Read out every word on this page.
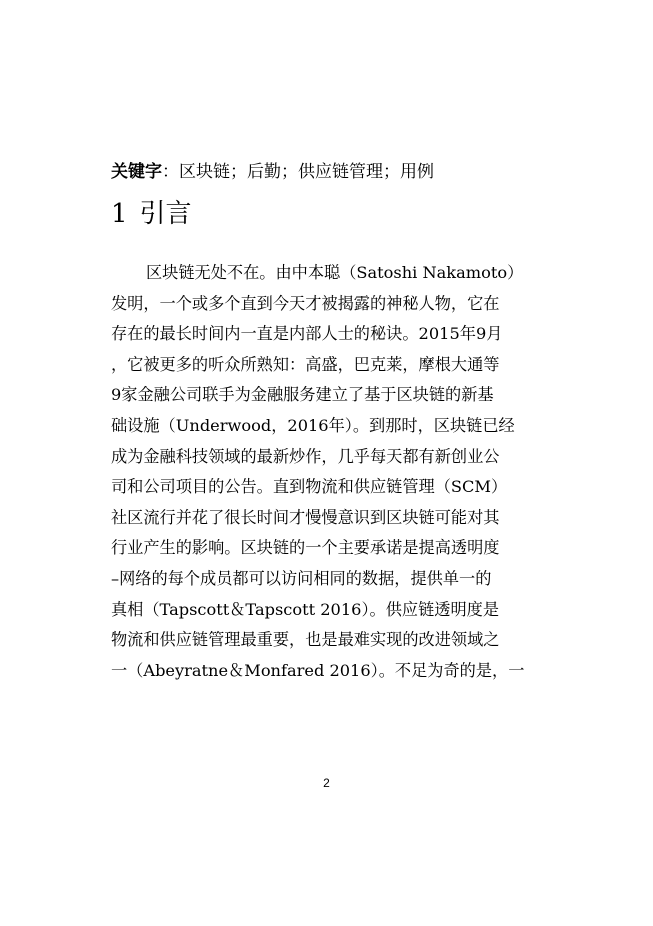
关键字：区块链；后勤；供应链管理；用例
1 引言
区块链无处不在。由中本聪（Satoshi Nakamoto）
发明，一个或多个直到今天才被揭露的神秘人物，它在
存在的最长时间内一直是内部人士的秘诀。2015年9月
，它被更多的听众所熟知：高盛，巴克莱，摩根大通等
9家金融公司联手为金融服务建立了基于区块链的新基
础设施（Underwood，2016年）。到那时，区块链已经
成为金融科技领域的最新炒作，几乎每天都有新创业公
司和公司项目的公告。直到物流和供应链管理（SCM）
社区流行并花了很长时间才慢慢意识到区块链可能对其
行业产生的影响。区块链的一个主要承诺是提高透明度
–网络的每个成员都可以访问相同的数据，提供单一的
真相（Tapscott＆Tapscott 2016）。供应链透明度是
物流和供应链管理最重要，也是最难实现的改进领域之
一（Abeyratne＆Monfared 2016）。不足为奇的是，一
2
